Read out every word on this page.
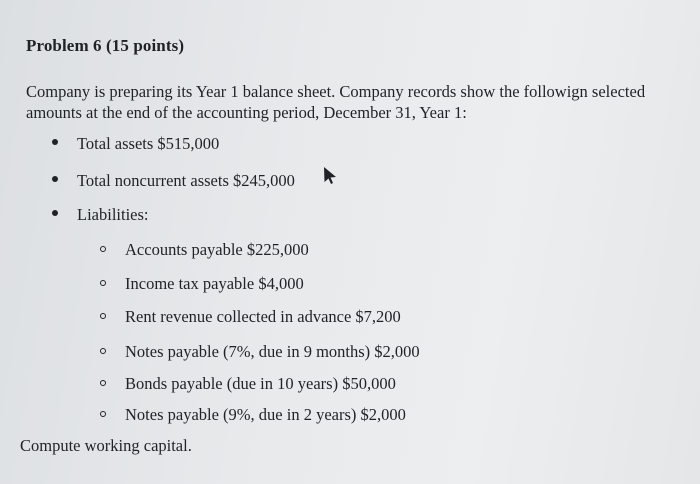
Problem 6 (15 points)
Company is preparing its Year 1 balance sheet. Company records show the followign selected
amounts at the end of the accounting period, December 31, Year 1:
Total assets $515,000
Total noncurrent assets $245,000
Liabilities:
Accounts payable $225,000
Income tax payable $4,000
Rent revenue collected in advance $7,200
Notes payable (7%, due in 9 months) $2,000
Bonds payable (due in 10 years) $50,000
Notes payable (9%, due in 2 years) $2,000
Compute working capital.
